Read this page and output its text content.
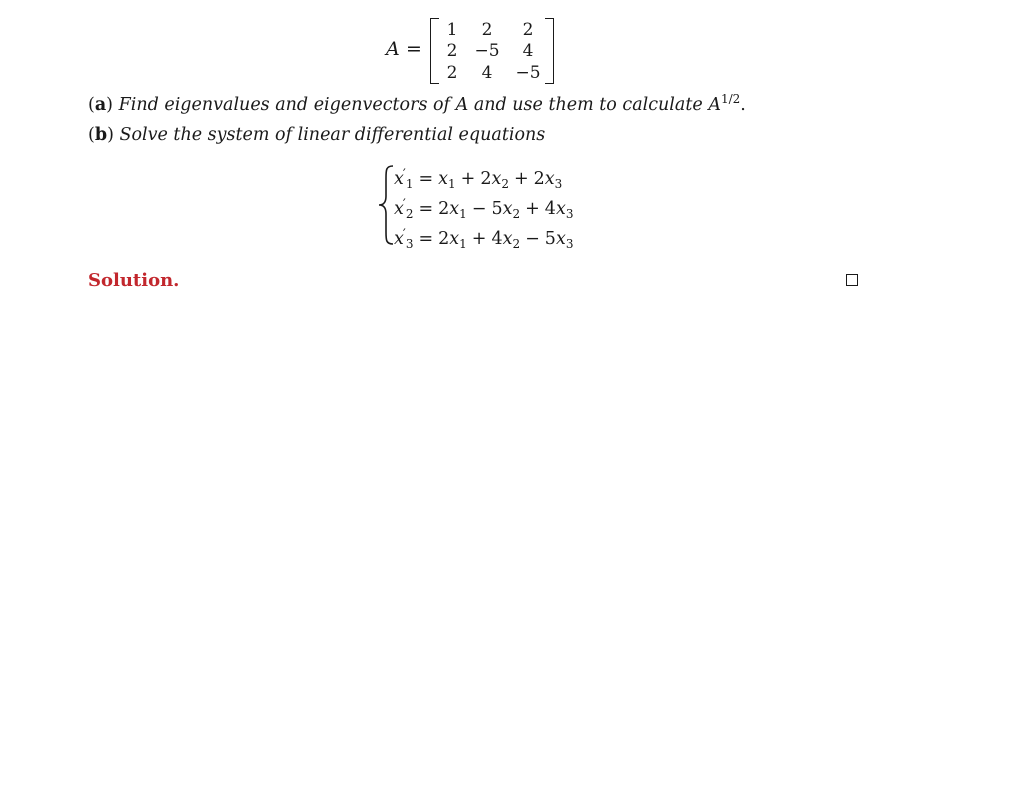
A =
1	2	2
2	−5	4
2	4	−5
(a) Find eigenvalues and eigenvectors of A and use them to calculate $A^{1/2}$.
(b) Solve the system of linear differential equations
$x'_1 = x_1 + 2x_2 + 2x_3$
$x'_2 = 2x_1 - 5x_2 + 4x_3$
$x'_3 = 2x_1 + 4x_2 - 5x_3$
Solution.
